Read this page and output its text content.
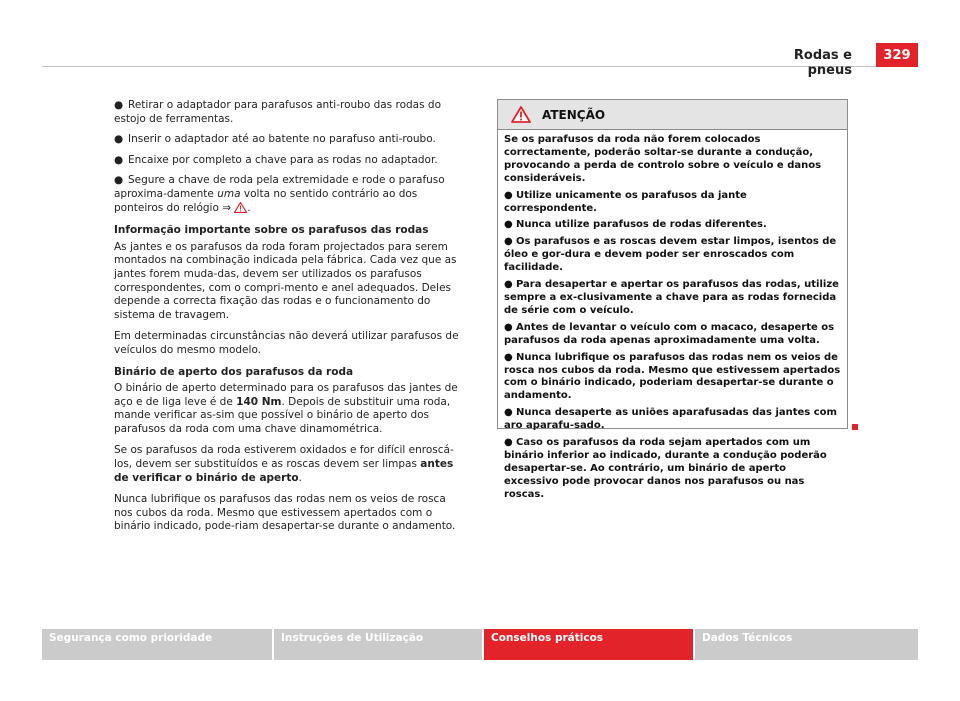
Rodas e pneus
329

● Retirar o adaptador para parafusos anti-roubo das rodas do estojo de ferramentas.

● Inserir o adaptador até ao batente no parafuso anti-roubo.

● Encaixe por completo a chave para as rodas no adaptador.

● Segure a chave de roda pela extremidade e rode o parafuso aproxima-damente uma volta no sentido contrário ao dos ponteiros do relógio ⇒ .

Informação importante sobre os parafusos das rodas

As jantes e os parafusos da roda foram projectados para serem montados na combinação indicada pela fábrica. Cada vez que as jantes forem muda-das, devem ser utilizados os parafusos correspondentes, com o compri-mento e anel adequados. Deles depende a correcta fixação das rodas e o funcionamento do sistema de travagem.

Em determinadas circunstâncias não deverá utilizar parafusos de veículos do mesmo modelo.

Binário de aperto dos parafusos da roda

O binário de aperto determinado para os parafusos das jantes de aço e de liga leve é de 140 Nm. Depois de substituir uma roda, mande verificar as-sim que possível o binário de aperto dos parafusos da roda com uma chave dinamométrica.

Se os parafusos da roda estiverem oxidados e for difícil enroscá-los, devem ser substituídos e as roscas devem ser limpas antes de verificar o binário de aperto.

Nunca lubrifique os parafusos das rodas nem os veios de rosca nos cubos da roda. Mesmo que estivessem apertados com o binário indicado, pode-riam desapertar-se durante o andamento.

ATENÇÃO

Se os parafusos da roda não forem colocados correctamente, poderão soltar-se durante a condução, provocando a perda de controlo sobre o veículo e danos consideráveis.

● Utilize unicamente os parafusos da jante correspondente.

● Nunca utilize parafusos de rodas diferentes.

● Os parafusos e as roscas devem estar limpos, isentos de óleo e gor-dura e devem poder ser enroscados com facilidade.

● Para desapertar e apertar os parafusos das rodas, utilize sempre a ex-clusivamente a chave para as rodas fornecida de série com o veículo.

● Antes de levantar o veículo com o macaco, desaperte os parafusos da roda apenas aproximadamente uma volta.

● Nunca lubrifique os parafusos das rodas nem os veios de rosca nos cubos da roda. Mesmo que estivessem apertados com o binário indicado, poderiam desapertar-se durante o andamento.

● Nunca desaperte as uniões aparafusadas das jantes com aro aparafu-sado.

● Caso os parafusos da roda sejam apertados com um binário inferior ao indicado, durante a condução poderão desapertar-se. Ao contrário, um binário de aperto excessivo pode provocar danos nos parafusos ou nas roscas.

Segurança como prioridade	Instruções de Utilização	Conselhos práticos	Dados Técnicos
